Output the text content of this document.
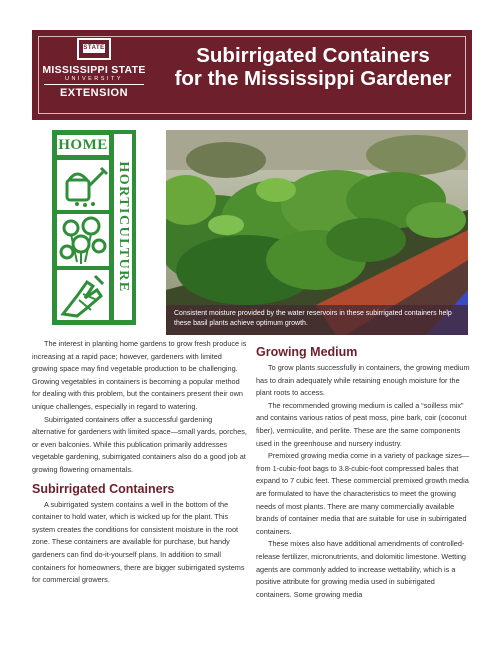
STATE
MISSISSIPPI STATE
UNIVERSITY
EXTENSION
Subirrigated Containers
for the Mississippi Gardener
HOME
HORTICULTURE
Consistent moisture provided by the water reservoirs in these subirrigated containers help these basil plants achieve optimum growth.

The interest in planting home gardens to grow fresh produce is increasing at a rapid pace; however, gardeners with limited growing space may find vegetable production to be challenging. Growing vegetables in containers is becoming a popular method for dealing with this problem, but the containers present their own unique challenges, especially in regard to watering.

Subirrigated containers offer a successful gardening alternative for gardeners with limited space—small yards, porches, or even balconies. While this publication primarily addresses vegetable gardening, subirrigated containers also do a good job at growing flowering ornamentals.

Subirrigated Containers

A subirrigated system contains a well in the bottom of the container to hold water, which is wicked up for the plant. This system creates the conditions for consistent moisture in the root zone. These containers are available for purchase, but handy gardeners can find do-it-yourself plans. In addition to small containers for homeowners, there are bigger subirrigated systems for commercial growers.

Growing Medium

To grow plants successfully in containers, the growing medium has to drain adequately while retaining enough moisture for the plant roots to access.

The recommended growing medium is called a “soilless mix” and contains various ratios of peat moss, pine bark, coir (coconut fiber), vermiculite, and perlite. These are the same components used in the greenhouse and nursery industry.

Premixed growing media come in a variety of package sizes—from 1-cubic-foot bags to 3.8-cubic-foot compressed bales that expand to 7 cubic feet. These commercial premixed growth media are formulated to have the characteristics to meet the growing needs of most plants. There are many commercially available brands of container media that are suitable for use in subirrigated containers.

These mixes also have additional amendments of controlled-release fertilizer, micronutrients, and dolomitic limestone. Wetting agents are commonly added to increase wettability, which is a positive attribute for growing media used in subirrigated containers. Some growing media
